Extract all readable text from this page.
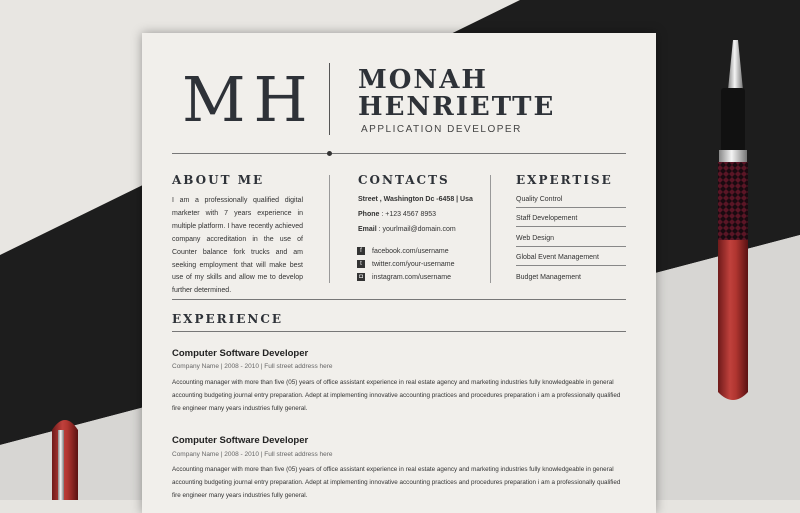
MH MONAH
HENRIETTE
APPLICATION DEVELOPER
ABOUT ME
I am a professionally qualified digital marketer with 7 years experience in multiple platform. I have recently achieved company accreditation in the use of Counter balance fork trucks and am seeking employment that will make best use of my skills and allow me to develop further determined.
CONTACTS
Street , Washington Dc -6458 | Usa
Phone : +123 4567 8953
Email : yourlmail@domain.com
f	facebook.com/username
t	twitter.com/your-username
◘	instagram.com/username
EXPERTISE
Quality Control
Staff Developement
Web Design
Global Event Management
Budget Management
EXPERIENCE
Computer Software Developer
Company Name | 2008 - 2010 | Full street address here
Accounting manager with more than five (05) years of office assistant experience in real estate agency and marketing industries fully knowledgeable in general accounting budgeting journal entry preparation. Adept at implementing innovative accounting practices and procedures preparation i am a professionally qualified fire engineer many years industries fully general.
Computer Software Developer
Company Name | 2008 - 2010 | Full street address here
Accounting manager with more than five (05) years of office assistant experience in real estate agency and marketing industries fully knowledgeable in general accounting budgeting journal entry preparation. Adept at implementing innovative accounting practices and procedures preparation i am a professionally qualified fire engineer many years industries fully general.
